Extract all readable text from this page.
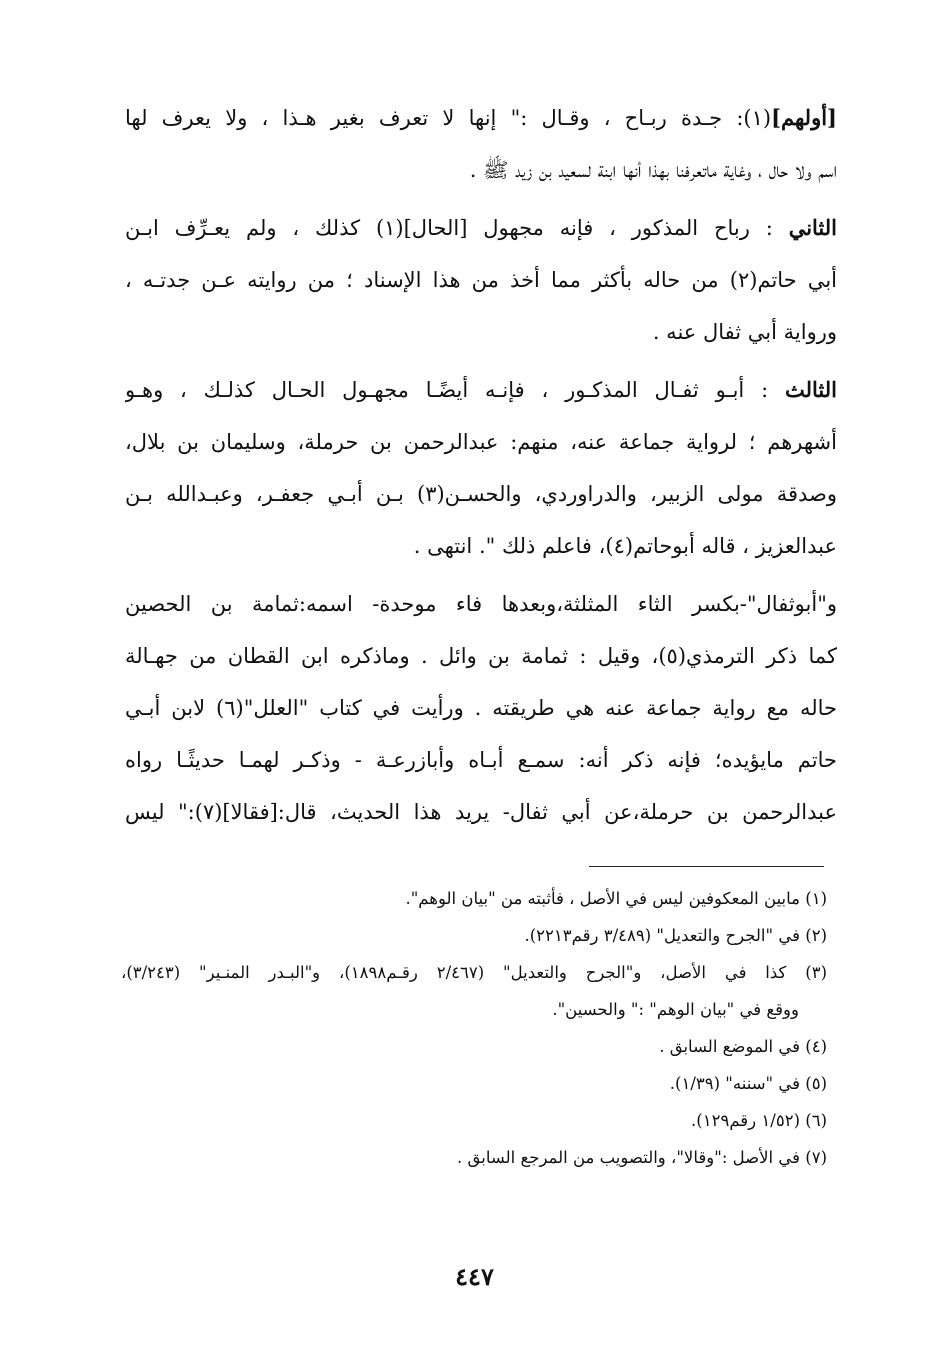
[أولهم](١): جـدة ربـاح ، وقـال :" إنها لا تعرف بغير هـذا ، ولا يعرف لها
اسم ولا حال ، وغاية ماتعرفنا بهذا أنها ابنة لسعيد بن زيد ﷺ .
الثاني : رباح المذكور ، فإنه مجهول [الحال](١) كذلك ، ولم يعـرِّف ابـن
أبي حاتم(٢) من حاله بأكثر مما أخذ من هذا الإسناد ؛ من روايته عـن جدتـه ،
ورواية أبي ثفال عنه .
الثالث : أبـو ثفـال المذكـور ، فإنـه أيضًـا مجهـول الحـال كذلـك ، وهـو
أشهرهم ؛ لرواية جماعة عنه، منهم: عبدالرحمن بن حرملة، وسليمان بن بلال،
وصدقة مولى الزبير، والدراوردي، والحسـن(٣) بـن أبـي جعفـر، وعبـدالله بـن
عبدالعزيز ، قاله أبوحاتم(٤)، فاعلم ذلك ". انتهى .
و"أبوثفال"-بكسر الثاء المثلثة،وبعدها فاء موحدة- اسمه:ثمامة بن الحصين
كما ذكر الترمذي(٥)، وقيل : ثمامة بن وائل . وماذكره ابن القطان من جهـالة
حاله مع رواية جماعة عنه هي طريقته . ورأيت في كتاب "العلل"(٦) لابن أبـي
حاتم مايؤيده؛ فإنه ذكر أنه: سمـع أبـاه وأبازرعـة - وذكـر لهمـا حديثًـا رواه
عبدالرحمن بن حرملة،عن أبي ثفال- يريد هذا الحديث، قال:[فقالا](٧):" ليس
(١) مابين المعكوفين ليس في الأصل ، فأثبته من "بيان الوهم".
(٢) في "الجرح والتعديل" (٣/٤٨٩ رقم٢٢١٣).
(٣) كذا في الأصل، و"الجرح والتعديل" (٢/٤٦٧ رقـم١٨٩٨)، و"البـدر المنـير" (٣/٢٤٣)،
ووقع في "بيان الوهم" :" والحسين".
(٤) في الموضع السابق .
(٥) في "سننه" (١/٣٩).
(٦) (١/٥٢ رقم١٢٩).
(٧) في الأصل :"وقالا"، والتصويب من المرجع السابق .
٤٤٧
